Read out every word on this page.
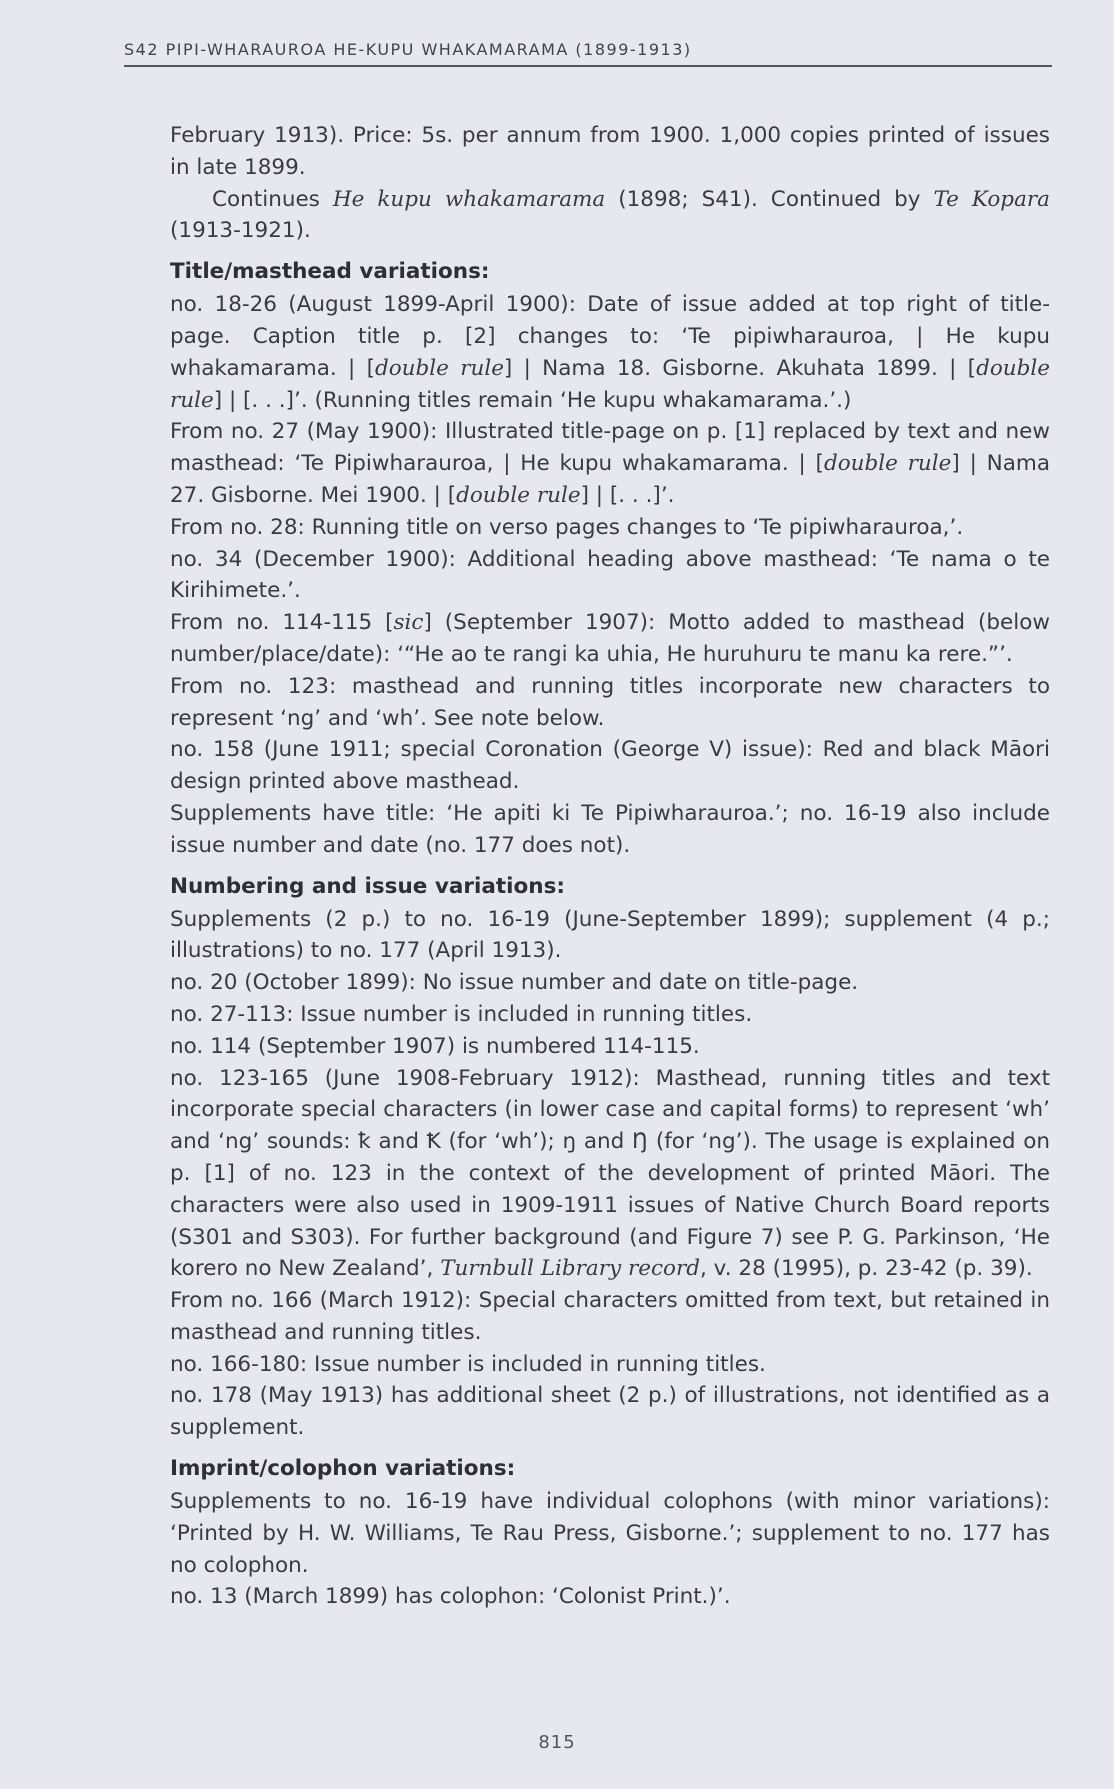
S42 PIPI-WHARAUROA HE-KUPU WHAKAMARAMA (1899-1913)

February 1913). Price: 5s. per annum from 1900. 1,000 copies printed of issues in late 1899.

Continues He kupu whakamarama (1898; S41). Continued by Te Kopara (1913-1921).

Title/masthead variations:

no. 18-26 (August 1899-April 1900): Date of issue added at top right of title-page. Caption title p. [2] changes to: ‘Te pipiwharauroa, | He kupu whakamarama. | [double rule] | Nama 18. Gisborne. Akuhata 1899. | [double rule] | [. . .]’. (Running titles remain ‘He kupu whakamarama.’.)

From no. 27 (May 1900): Illustrated title-page on p. [1] replaced by text and new masthead: ‘Te Pipiwharauroa, | He kupu whakamarama. | [double rule] | Nama 27. Gisborne. Mei 1900. | [double rule] | [. . .]’.

From no. 28: Running title on verso pages changes to ‘Te pipiwharauroa,’.

no. 34 (December 1900): Additional heading above masthead: ‘Te nama o te Kirihimete.’.

From no. 114-115 [sic] (September 1907): Motto added to masthead (below number/place/date): ‘“He ao te rangi ka uhia, He huruhuru te manu ka rere.”’.

From no. 123: masthead and running titles incorporate new characters to represent ‘ng’ and ‘wh’. See note below.

no. 158 (June 1911; special Coronation (George V) issue): Red and black Māori design printed above masthead.

Supplements have title: ‘He apiti ki Te Pipiwharauroa.’; no. 16-19 also include issue number and date (no. 177 does not).

Numbering and issue variations:

Supplements (2 p.) to no. 16-19 (June-September 1899); supplement (4 p.; illustrations) to no. 177 (April 1913).

no. 20 (October 1899): No issue number and date on title-page.

no. 27-113: Issue number is included in running titles.

no. 114 (September 1907) is numbered 114-115.

no. 123-165 (June 1908-February 1912): Masthead, running titles and text incorporate special characters (in lower case and capital forms) to represent ‘wh’ and ‘ng’ sounds: ꝁ and Ꝁ (for ‘wh’); ŋ and Ŋ (for ‘ng’). The usage is explained on p. [1] of no. 123 in the context of the development of printed Māori. The characters were also used in 1909-1911 issues of Native Church Board reports (S301 and S303). For further background (and Figure 7) see P. G. Parkinson, ‘He korero no New Zealand’, Turnbull Library record, v. 28 (1995), p. 23-42 (p. 39).

From no. 166 (March 1912): Special characters omitted from text, but retained in masthead and running titles.

no. 166-180: Issue number is included in running titles.

no. 178 (May 1913) has additional sheet (2 p.) of illustrations, not identified as a supplement.

Imprint/colophon variations:

Supplements to no. 16-19 have individual colophons (with minor variations): ‘Printed by H. W. Williams, Te Rau Press, Gisborne.’; supplement to no. 177 has no colophon.

no. 13 (March 1899) has colophon: ‘Colonist Print.)’.

815
